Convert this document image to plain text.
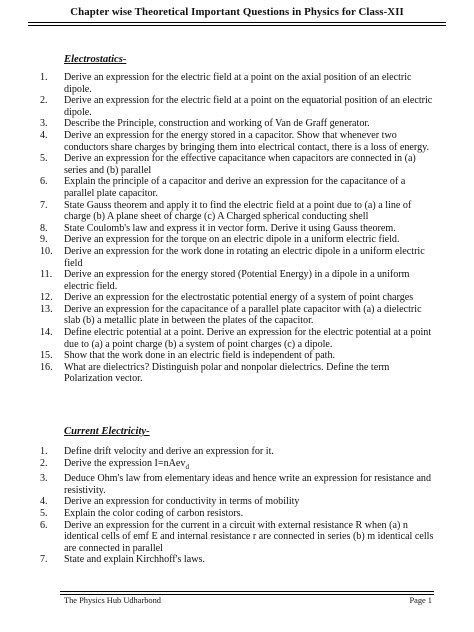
Chapter wise Theoretical Important Questions in Physics for Class-XII
Electrostatics-
1.	Derive an expression for the electric field at a point on the axial position of an electric dipole.
2.	Derive an expression for the electric field at a point on the equatorial position of an electric dipole.
3.	Describe the Principle, construction and working of Van de Graff generator.
4.	Derive an expression for the energy stored in a capacitor. Show that whenever two conductors share charges by bringing them into electrical contact, there is a loss of energy.
5.	Derive an expression for the effective capacitance when capacitors are connected in (a) series and (b) parallel
6.	Explain the principle of a capacitor and derive an expression for the capacitance of a parallel plate capacitor.
7.	State Gauss theorem and apply it to find the electric field at a point due to (a) a line of charge (b) A plane sheet of charge (c) A Charged spherical conducting shell
8.	State Coulomb's law and express it in vector form. Derive it using Gauss theorem.
9.	Derive an expression for the torque on an electric dipole in a uniform electric field.
10.	Derive an expression for the work done in rotating an electric dipole in a uniform electric field
11.	Derive an expression for the energy stored (Potential Energy) in a dipole in a uniform electric field.
12.	Derive an expression for the electrostatic potential energy of a system of point charges
13.	Derive an expression for the capacitance of a parallel plate capacitor with (a) a dielectric slab (b) a metallic plate in between the plates of the capacitor.
14.	Define electric potential at a point. Derive an expression for the electric potential at a point due to (a) a point charge (b) a system of point charges (c) a dipole.
15.	Show that the work done in an electric field is independent of path.
16.	What are dielectrics? Distinguish polar and nonpolar dielectrics. Define the term Polarization vector.
Current Electricity-
1.	Define drift velocity and derive an expression for it.
2.	Derive the expression I=nAev$_d$
3.	Deduce Ohm's law from elementary ideas and hence write an expression for resistance and resistivity.
4.	Derive an expression for conductivity in terms of mobility
5.	Explain the color coding of carbon resistors.
6.	Derive an expression for the current in a circuit with external resistance R when (a) n identical cells of emf E and internal resistance r are connected in series (b) m identical cells are connected in parallel
7.	State and explain Kirchhoff's laws.
The Physics Hub Udharbond	Page 1
